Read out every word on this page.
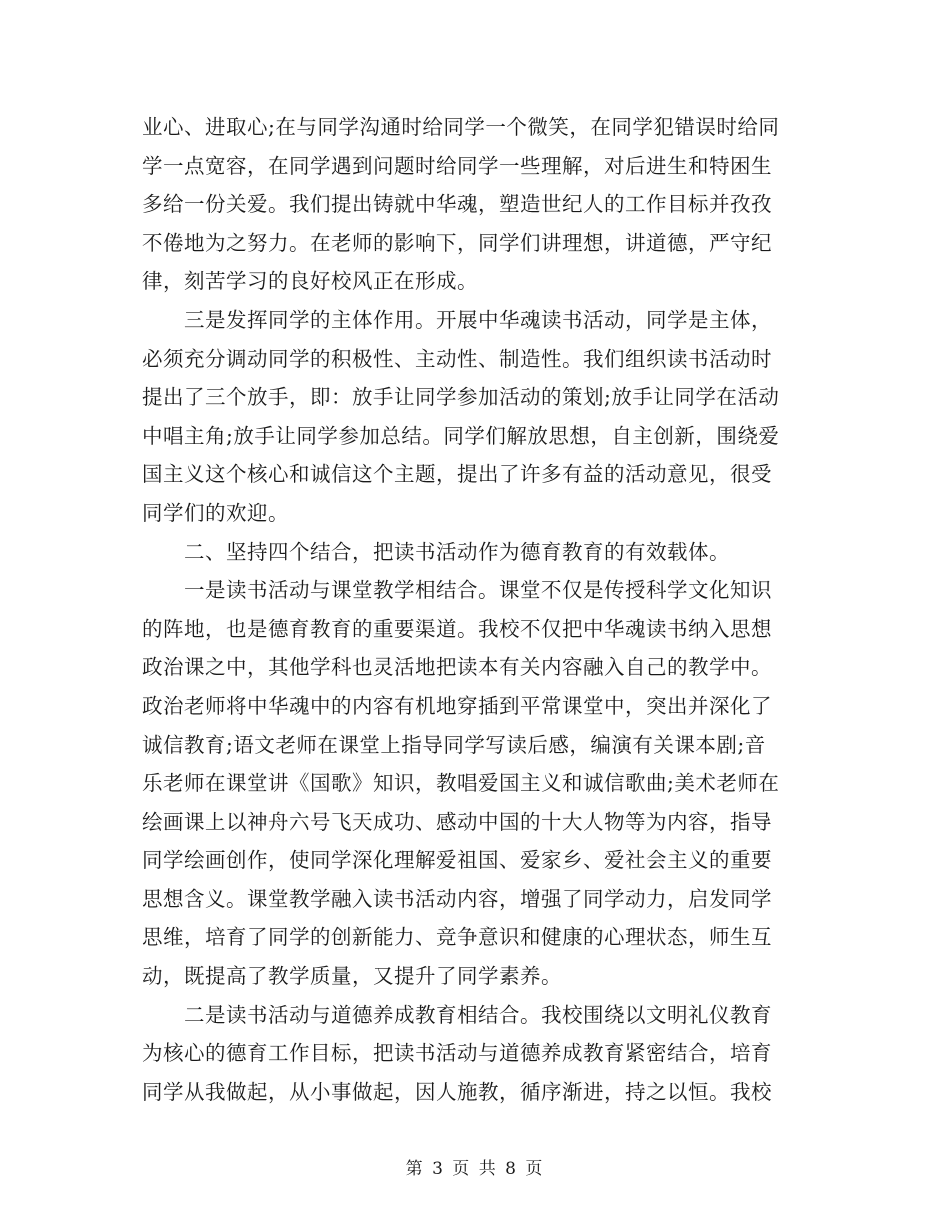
业心、进取心;在与同学沟通时给同学一个微笑，在同学犯错误时给同
学一点宽容，在同学遇到问题时给同学一些理解，对后进生和特困生
多给一份关爱。我们提出铸就中华魂，塑造世纪人的工作目标并孜孜
不倦地为之努力。在老师的影响下，同学们讲理想，讲道德，严守纪
律，刻苦学习的良好校风正在形成。
　　三是发挥同学的主体作用。开展中华魂读书活动，同学是主体，
必须充分调动同学的积极性、主动性、制造性。我们组织读书活动时
提出了三个放手，即：放手让同学参加活动的策划;放手让同学在活动
中唱主角;放手让同学参加总结。同学们解放思想，自主创新，围绕爱
国主义这个核心和诚信这个主题，提出了许多有益的活动意见，很受
同学们的欢迎。
　　二、坚持四个结合，把读书活动作为德育教育的有效载体。
　　一是读书活动与课堂教学相结合。课堂不仅是传授科学文化知识
的阵地，也是德育教育的重要渠道。我校不仅把中华魂读书纳入思想
政治课之中，其他学科也灵活地把读本有关内容融入自己的教学中。
政治老师将中华魂中的内容有机地穿插到平常课堂中，突出并深化了
诚信教育;语文老师在课堂上指导同学写读后感，编演有关课本剧;音
乐老师在课堂讲《国歌》知识，教唱爱国主义和诚信歌曲;美术老师在
绘画课上以神舟六号飞天成功、感动中国的十大人物等为内容，指导
同学绘画创作，使同学深化理解爱祖国、爱家乡、爱社会主义的重要
思想含义。课堂教学融入读书活动内容，增强了同学动力，启发同学
思维，培育了同学的创新能力、竞争意识和健康的心理状态，师生互
动，既提高了教学质量，又提升了同学素养。
　　二是读书活动与道德养成教育相结合。我校围绕以文明礼仪教育
为核心的德育工作目标，把读书活动与道德养成教育紧密结合，培育
同学从我做起，从小事做起，因人施教，循序渐进，持之以恒。我校
第 3 页 共 8 页
